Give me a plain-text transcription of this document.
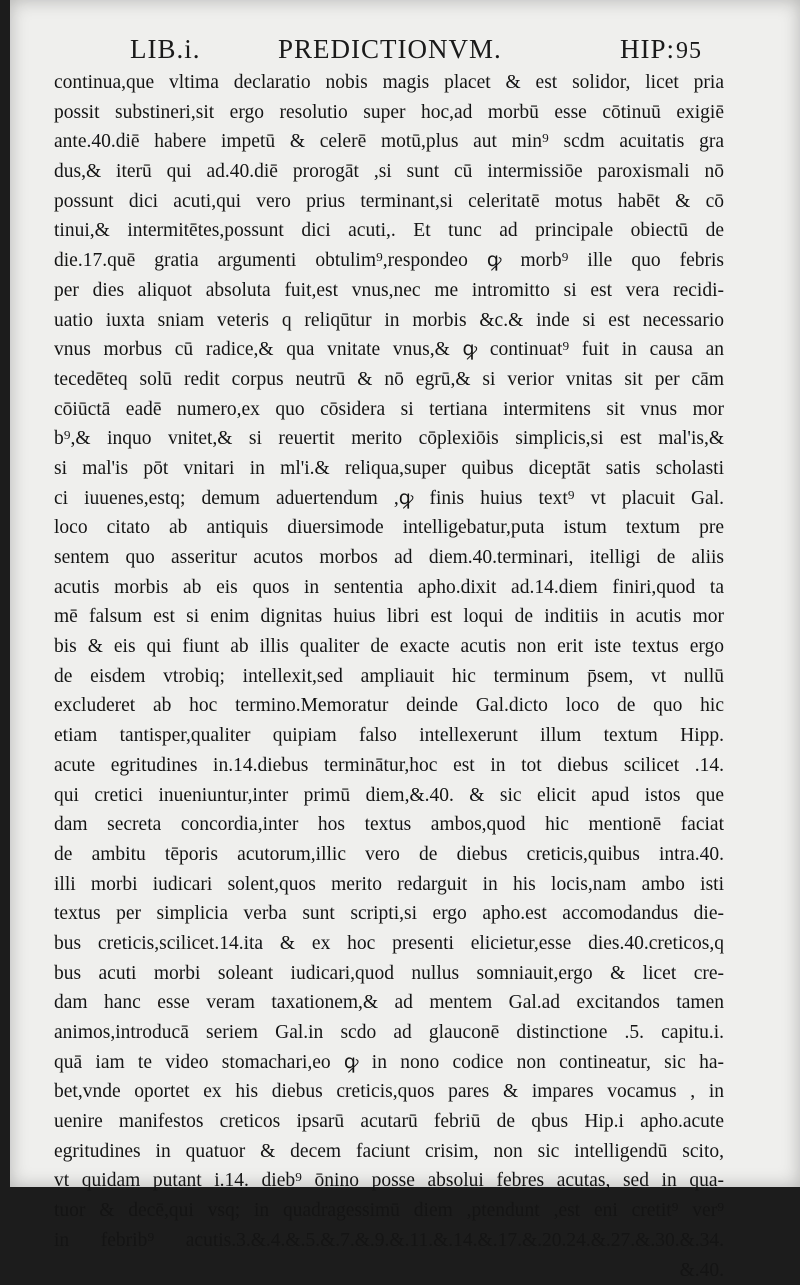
LIB.i.	PREDICTIONVM.	HIP: 95
continua,que vltima declaratio nobis magis placet & est solidor, licet pria
possit substineri,sit ergo resolutio super hoc,ad morbū esse cōtinuū exigiē
ante.40.diē habere impetū & celerē motū,plus aut min⁹ scdm acuitatis gra
dus,& iterū qui ad.40.diē prorogāt ,si sunt cū intermissiōe paroxismali nō
possunt dici acuti,qui vero prius terminant,si celeritatē motus habēt & cō
tinui,& intermitētes,possunt dici acuti,. Et tunc ad principale obiectū de
die.17.quē gratia argumenti obtulim⁹,respondeo ꝙ morb⁹ ille quo febris
per dies aliquot absoluta fuit,est vnus,nec me intromitto si est vera recidi-
uatio iuxta sniam veteris q reliqūtur in morbis &c.& inde si est necessario
vnus morbus cū radice,& qua vnitate vnus,& ꝙ continuat⁹ fuit in causa an
tecedēteq solū redit corpus neutrū & nō egrū,& si verior vnitas sit per cām
cōiūctā eadē numero,ex quo cōsidera si tertiana intermitens sit vnus mor
b⁹,& inquo vnitet,& si reuertit merito cōplexiōis simplicis,si est mal'is,&
si mal'is pōt vnitari in ml'i.& reliqua,super quibus diceptāt satis scholasti
ci iuuenes,estq; demum aduertendum ,ꝙ finis huius text⁹ vt placuit Gal.
loco citato ab antiquis diuersimode intelligebatur,puta istum textum pre
sentem quo asseritur acutos morbos ad diem.40.terminari, itelligi de aliis
acutis morbis ab eis quos in sententia apho.dixit ad.14.diem finiri,quod ta
mē falsum est si enim dignitas huius libri est loqui de inditiis in acutis mor
bis & eis qui fiunt ab illis qualiter de exacte acutis non erit iste textus ergo
de eisdem vtrobiq; intellexit,sed ampliauit hic terminum p̄sem, vt nullū
excluderet ab hoc termino.Memoratur deinde Gal.dicto loco de quo hic
etiam tantisper,qualiter quipiam falso intellexerunt illum textum Hipp.
acute egritudines in.14.diebus terminātur,hoc est in tot diebus scilicet .14.
qui cretici inueniuntur,inter primū diem,&.40. & sic elicit apud istos que
dam secreta concordia,inter hos textus ambos,quod hic mentionē faciat
de ambitu tēporis acutorum,illic vero de diebus creticis,quibus intra.40.
illi morbi iudicari solent,quos merito redarguit in his locis,nam ambo isti
textus per simplicia verba sunt scripti,si ergo apho.est accomodandus die-
bus creticis,scilicet.14.ita & ex hoc presenti elicietur,esse dies.40.creticos,q
bus acuti morbi soleant iudicari,quod nullus somniauit,ergo & licet cre-
dam hanc esse veram taxationem,& ad mentem Gal.ad excitandos tamen
animos,introducā seriem Gal.in scdo ad glauconē distinctione .5. capitu.i.
quā iam te video stomachari,eo ꝙ in nono codice non contineatur, sic ha-
bet,vnde oportet ex his diebus creticis,quos pares & impares vocamus , in
uenire manifestos creticos ipsarū acutarū febriū de qbus Hip.i apho.acute
egritudines in quatuor & decem faciunt crisim, non sic intelligendū scito,
vt quidam putant i.14. dieb⁹ ōnino posse absolui febres acutas, sed in qua-
tuor & decē,qui vsq; in quadragessimū diem ,ptendunt ,est eni cretit⁹ ver⁹
in febrib⁹ acutis.3.&.4.&.5.&.7.&.9.&.11.&.14.&.17.&.20.24.&.27.&.30.&.34.
&.40.
